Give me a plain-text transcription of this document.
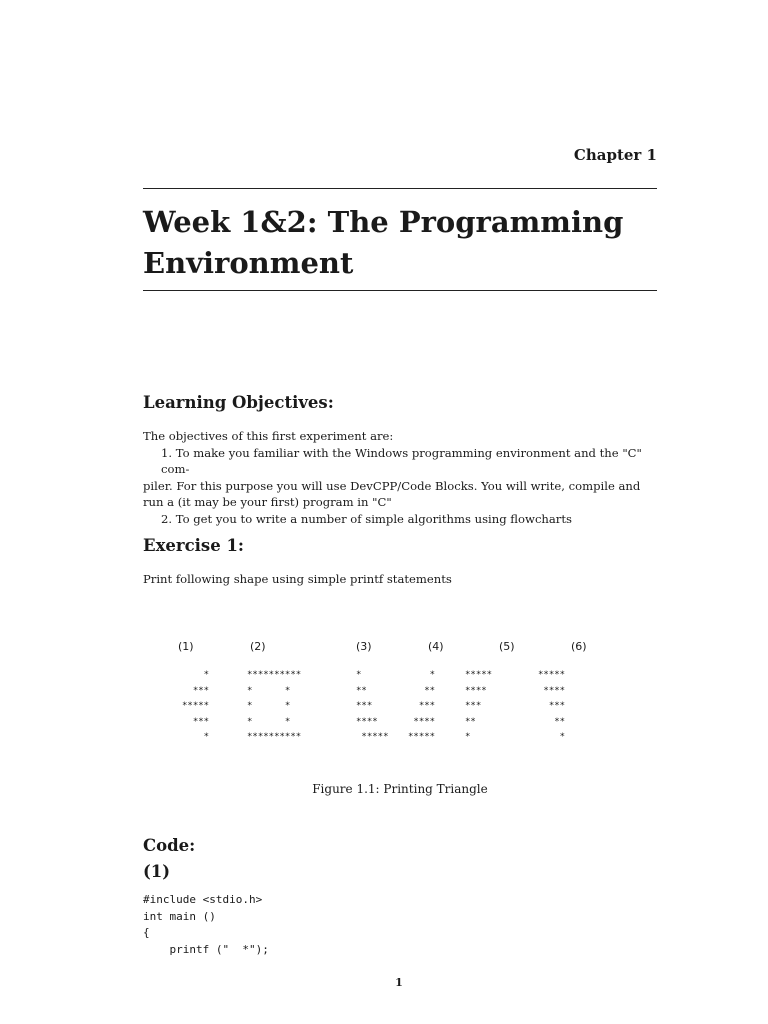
Chapter 1
Week 1&2: The Programming Environment
Learning Objectives:
The objectives of this first experiment are:
1. To make you familiar with the Windows programming environment and the "C" com-
piler. For this purpose you will use DevCPP/Code Blocks. You will write, compile and run a (it may be your first) program in "C"
2. To get you to write a number of simple algorithms using flowcharts
Exercise 1:
Print following shape using simple printf statements
(1)
*
***
*****
***
*
(2)
**********
*      *
*      *
*      *
**********
(3)
*
**
***
****
*****
(4)
*
**
***
****
*****
(5)
*****
****
***
**
*
(6)
*****
****
***
**
*
Figure 1.1: Printing Triangle
Code:
(1)
#include <stdio.h>
int main ()
{
printf ("  *");
1
